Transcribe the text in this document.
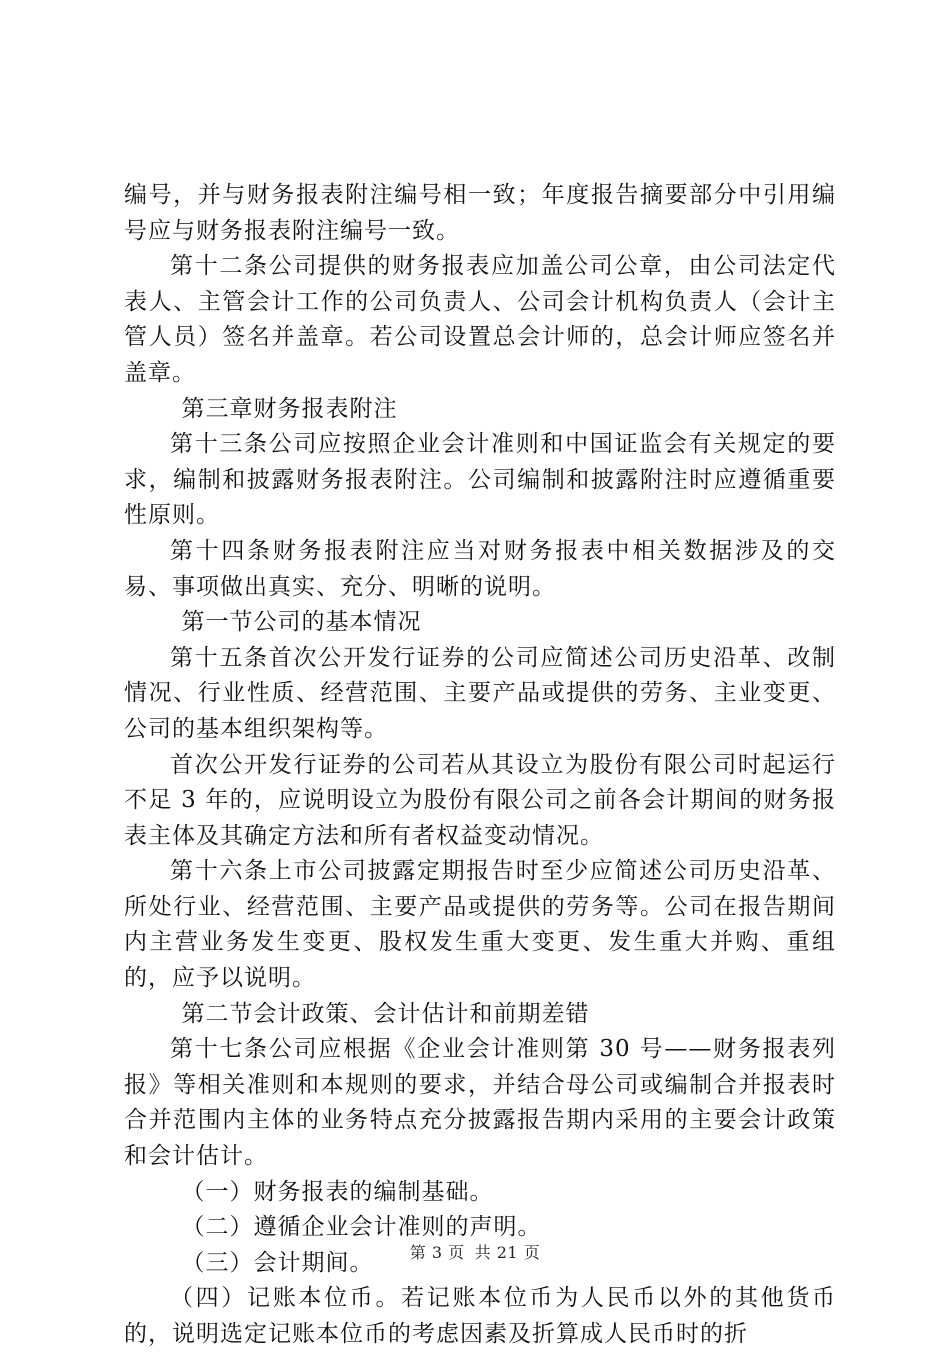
编号，并与财务报表附注编号相一致；年度报告摘要部分中引用编号应与财务报表附注编号一致。

第十二条公司提供的财务报表应加盖公司公章，由公司法定代表人、主管会计工作的公司负责人、公司会计机构负责人（会计主管人员）签名并盖章。若公司设置总会计师的，总会计师应签名并盖章。

第三章财务报表附注

第十三条公司应按照企业会计准则和中国证监会有关规定的要求，编制和披露财务报表附注。公司编制和披露附注时应遵循重要性原则。

第十四条财务报表附注应当对财务报表中相关数据涉及的交易、事项做出真实、充分、明晰的说明。

第一节公司的基本情况

第十五条首次公开发行证券的公司应简述公司历史沿革、改制情况、行业性质、经营范围、主要产品或提供的劳务、主业变更、公司的基本组织架构等。

首次公开发行证券的公司若从其设立为股份有限公司时起运行不足 3 年的，应说明设立为股份有限公司之前各会计期间的财务报表主体及其确定方法和所有者权益变动情况。

第十六条上市公司披露定期报告时至少应简述公司历史沿革、所处行业、经营范围、主要产品或提供的劳务等。公司在报告期间内主营业务发生变更、股权发生重大变更、发生重大并购、重组的，应予以说明。

第二节会计政策、会计估计和前期差错

第十七条公司应根据《企业会计准则第 30 号——财务报表列报》等相关准则和本规则的要求，并结合母公司或编制合并报表时合并范围内主体的业务特点充分披露报告期内采用的主要会计政策和会计估计。

（一）财务报表的编制基础。

（二）遵循企业会计准则的声明。

（三）会计期间。

（四）记账本位币。若记账本位币为人民币以外的其他货币的，说明选定记账本位币的考虑因素及折算成人民币时的折

第 3 页 共 21 页
